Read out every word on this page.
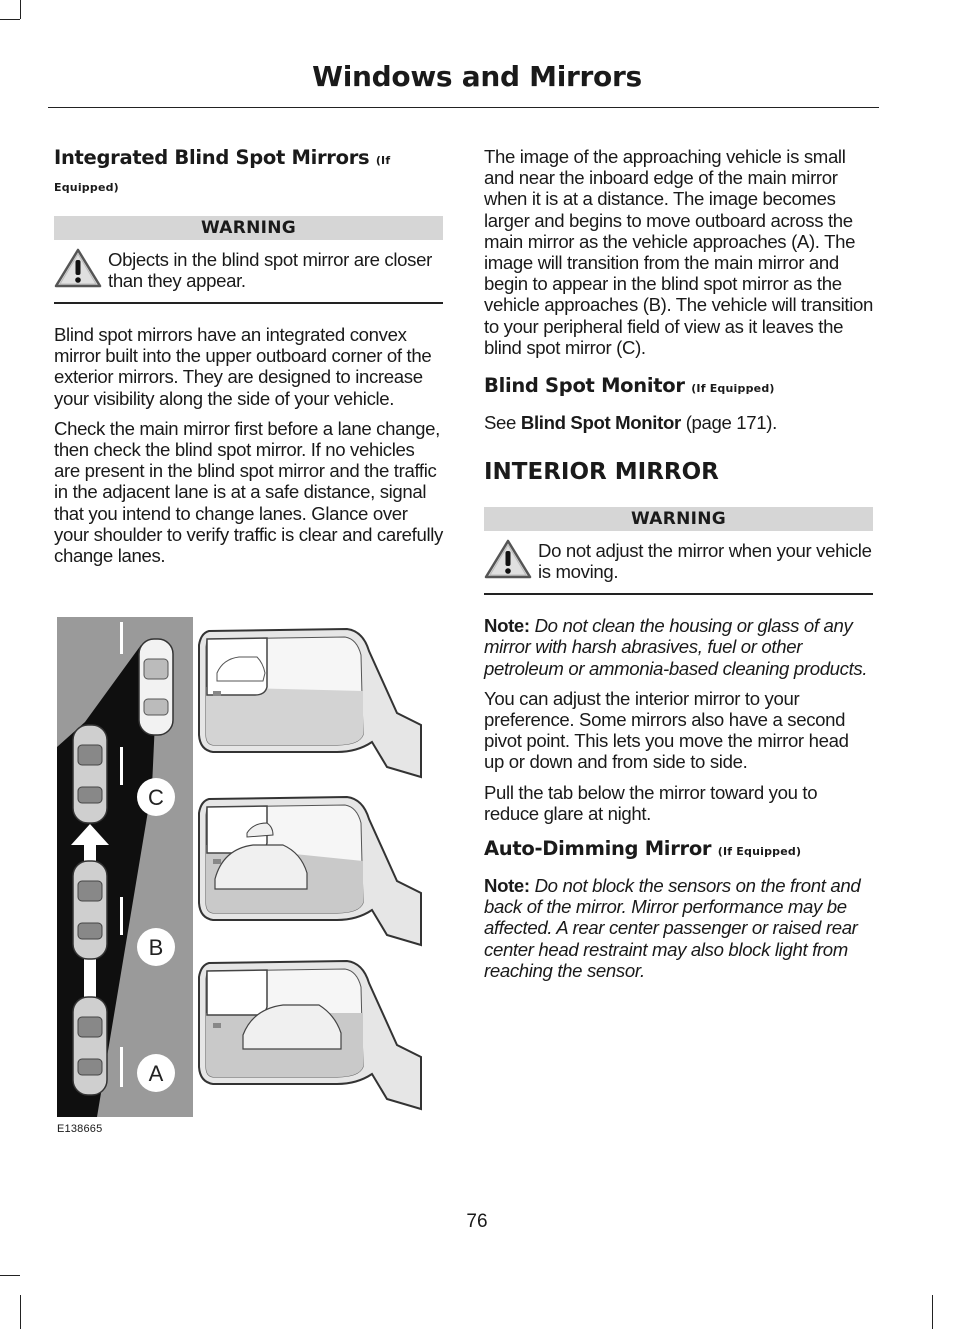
Windows and Mirrors
Integrated Blind Spot Mirrors (If Equipped)
WARNING

Objects in the blind spot mirror are closer than they appear.

Blind spot mirrors have an integrated convex mirror built into the upper outboard corner of the exterior mirrors. They are designed to increase your visibility along the side of your vehicle.

Check the main mirror first before a lane change, then check the blind spot mirror. If no vehicles are present in the blind spot mirror and the traffic in the adjacent lane is at a safe distance, signal that you intend to change lanes. Glance over your shoulder to verify traffic is clear and carefully change lanes.

C
B
A
E138665

The image of the approaching vehicle is small and near the inboard edge of the main mirror when it is at a distance. The image becomes larger and begins to move outboard across the main mirror as the vehicle approaches (A). The image will transition from the main mirror and begin to appear in the blind spot mirror as the vehicle approaches (B). The vehicle will transition to your peripheral field of view as it leaves the blind spot mirror (C).

Blind Spot Monitor (If Equipped)

See Blind Spot Monitor (page 171).

INTERIOR MIRROR
WARNING

Do not adjust the mirror when your vehicle is moving.

Note: Do not clean the housing or glass of any mirror with harsh abrasives, fuel or other petroleum or ammonia-based cleaning products.

You can adjust the interior mirror to your preference. Some mirrors also have a second pivot point. This lets you move the mirror head up or down and from side to side.

Pull the tab below the mirror toward you to reduce glare at night.

Auto-Dimming Mirror (If Equipped)

Note: Do not block the sensors on the front and back of the mirror. Mirror performance may be affected. A rear center passenger or raised rear center head restraint may also block light from reaching the sensor.

76
